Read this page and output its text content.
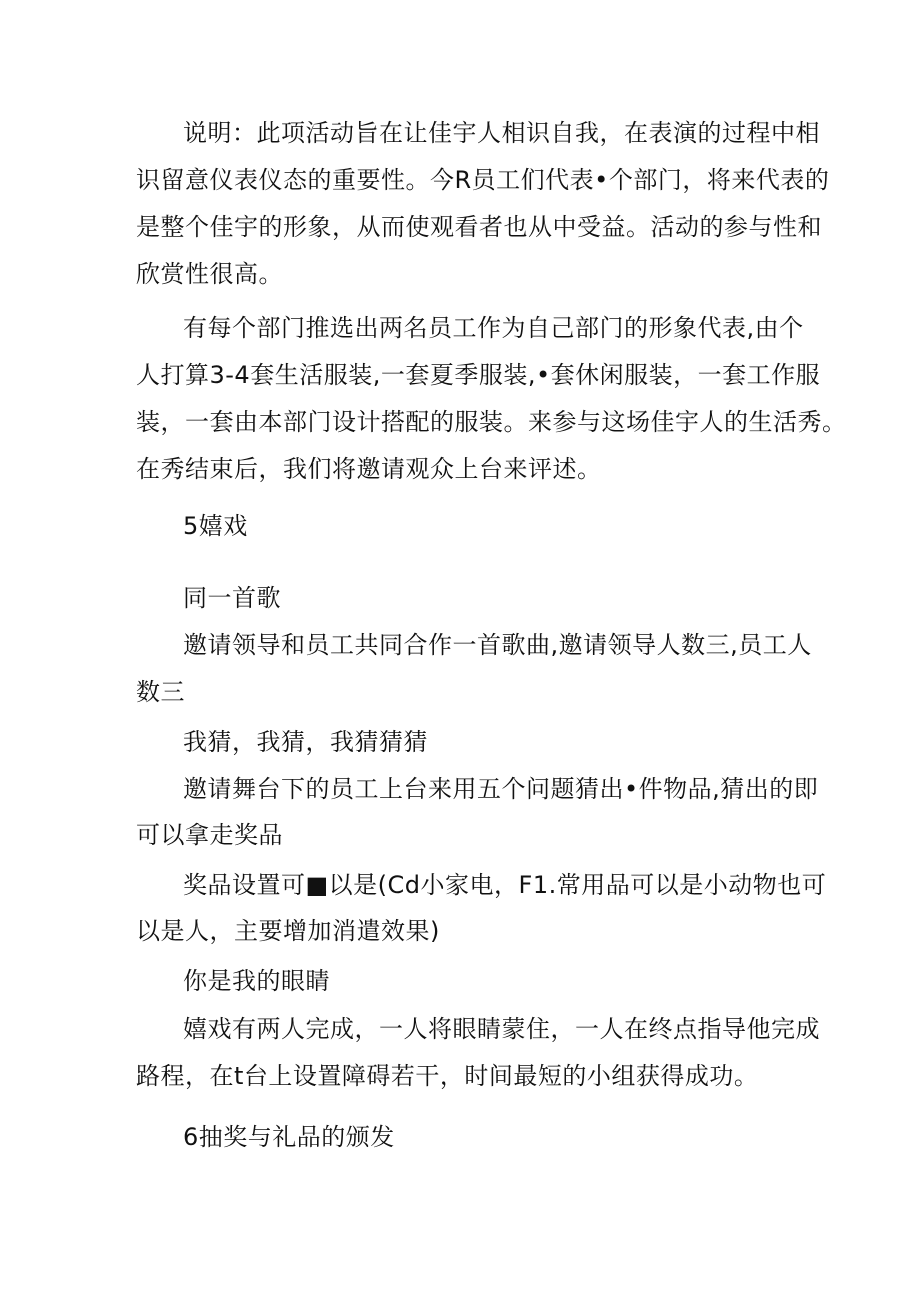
说明：此项活动旨在让佳宇人相识自我，在表演的过程中相
识留意仪表仪态的重要性。今R员工们代表•个部门，将来代表的
是整个佳宇的形象，从而使观看者也从中受益。活动的参与性和
欣赏性很高。
有每个部门推选出两名员工作为自己部门的形象代表,由个
人打算3-4套生活服装,一套夏季服装,•套休闲服装，一套工作服
装，一套由本部门设计搭配的服装。来参与这场佳宇人的生活秀。
在秀结束后，我们将邀请观众上台来评述。
5嬉戏
同一首歌
邀请领导和员工共同合作一首歌曲,邀请领导人数三,员工人
数三
我猜，我猜，我猜猜猜
邀请舞台下的员工上台来用五个问题猜出•件物品,猜出的即
可以拿走奖品
奖品设置可■以是(Cd小家电，F1.常用品可以是小动物也可
以是人，主要增加消遣效果)
你是我的眼睛
嬉戏有两人完成，一人将眼睛蒙住，一人在终点指导他完成
路程，在t台上设置障碍若干，时间最短的小组获得成功。
6抽奖与礼品的颁发
